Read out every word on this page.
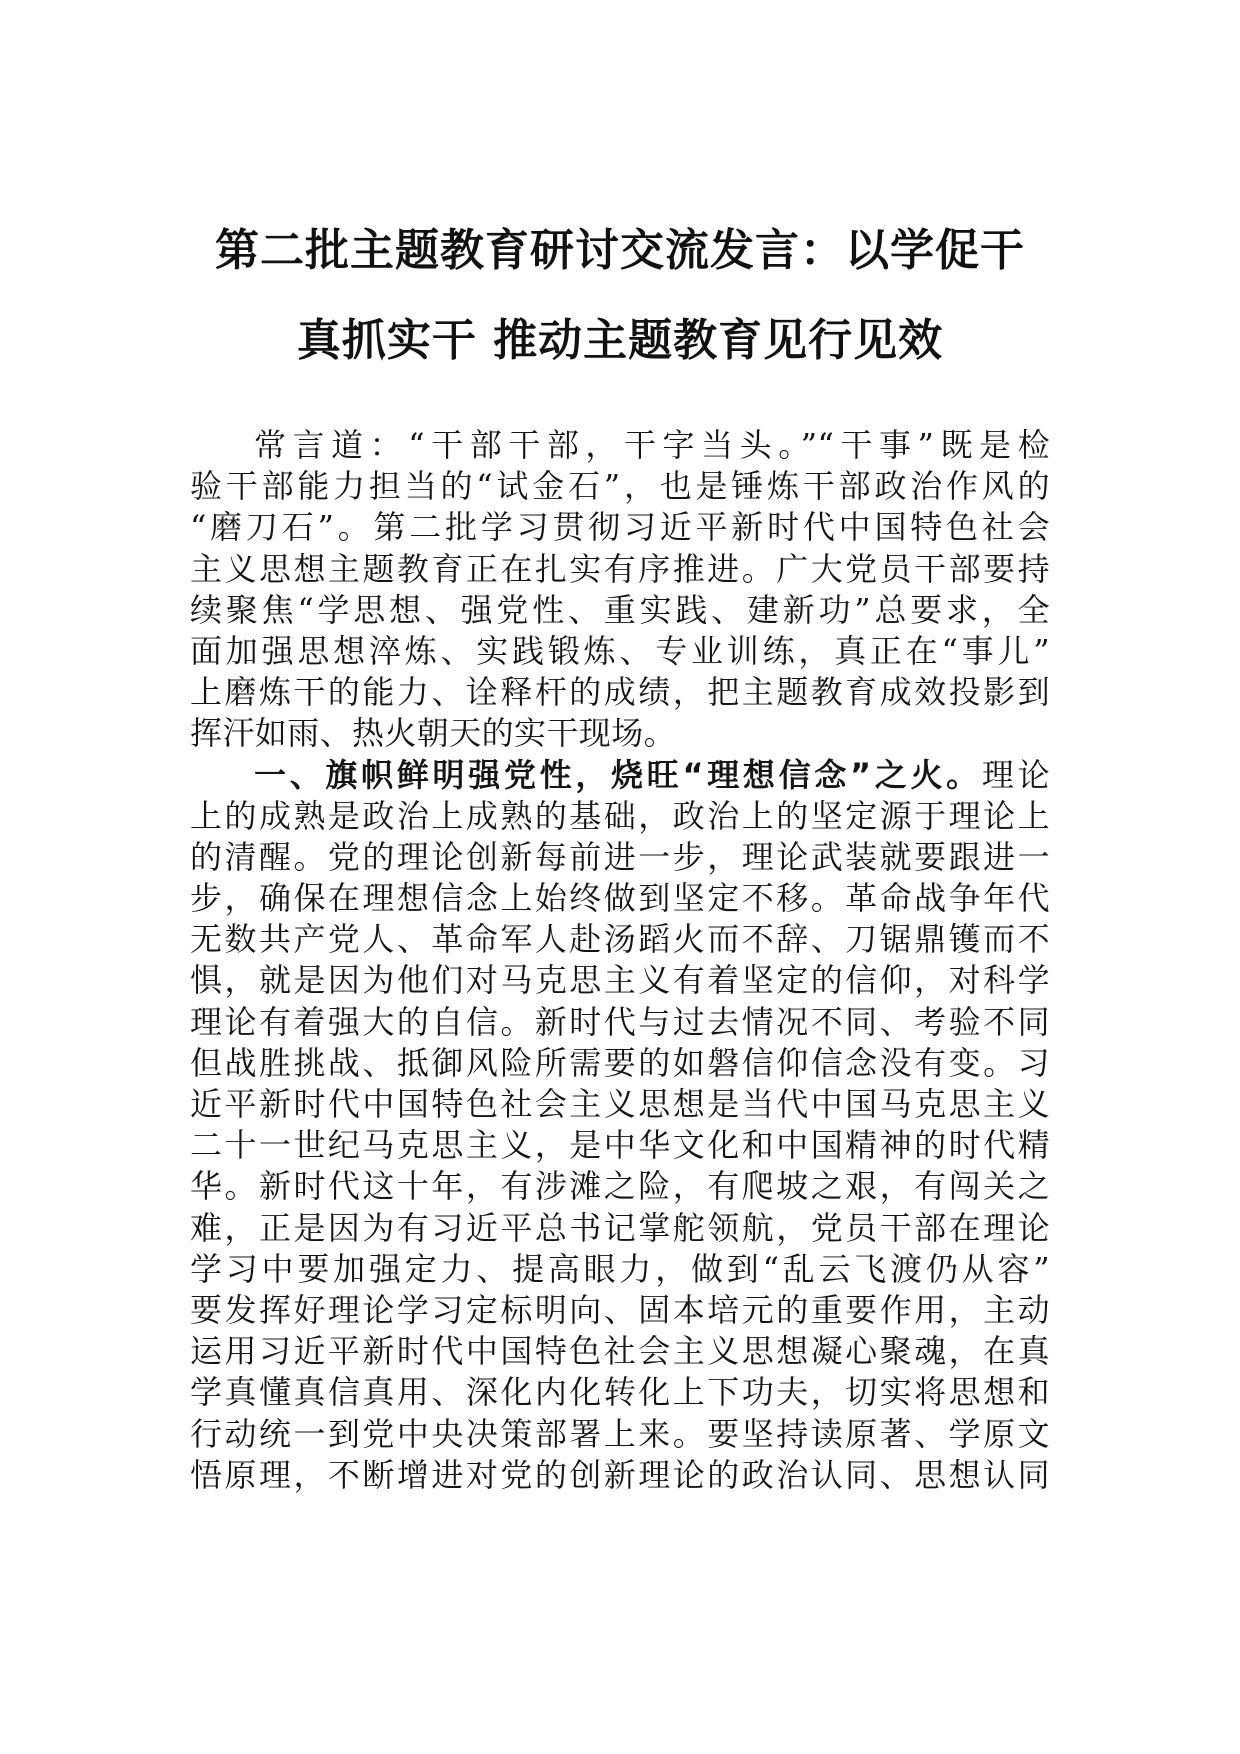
第二批主题教育研讨交流发言：以学促干
真抓实干 推动主题教育见行见效
常言道：“干部干部，干字当头。”“干事”既是检
验干部能力担当的“试金石”，也是锤炼干部政治作风的
“磨刀石”。第二批学习贯彻习近平新时代中国特色社会
主义思想主题教育正在扎实有序推进。广大党员干部要持
续聚焦“学思想、强党性、重实践、建新功”总要求，全
面加强思想淬炼、实践锻炼、专业训练，真正在“事儿”
上磨炼干的能力、诠释杆的成绩，把主题教育成效投影到
挥汗如雨、热火朝天的实干现场。
一、旗帜鲜明强党性，烧旺“理想信念”之火。理论
上的成熟是政治上成熟的基础，政治上的坚定源于理论上
的清醒。党的理论创新每前进一步，理论武装就要跟进一
步，确保在理想信念上始终做到坚定不移。革命战争年代
无数共产党人、革命军人赴汤蹈火而不辞、刀锯鼎镬而不
惧，就是因为他们对马克思主义有着坚定的信仰，对科学
理论有着强大的自信。新时代与过去情况不同、考验不同
但战胜挑战、抵御风险所需要的如磐信仰信念没有变。习
近平新时代中国特色社会主义思想是当代中国马克思主义
二十一世纪马克思主义，是中华文化和中国精神的时代精
华。新时代这十年，有涉滩之险，有爬坡之艰，有闯关之
难，正是因为有习近平总书记掌舵领航，党员干部在理论
学习中要加强定力、提高眼力，做到“乱云飞渡仍从容”
要发挥好理论学习定标明向、固本培元的重要作用，主动
运用习近平新时代中国特色社会主义思想凝心聚魂，在真
学真懂真信真用、深化内化转化上下功夫，切实将思想和
行动统一到党中央决策部署上来。要坚持读原著、学原文
悟原理，不断增进对党的创新理论的政治认同、思想认同
